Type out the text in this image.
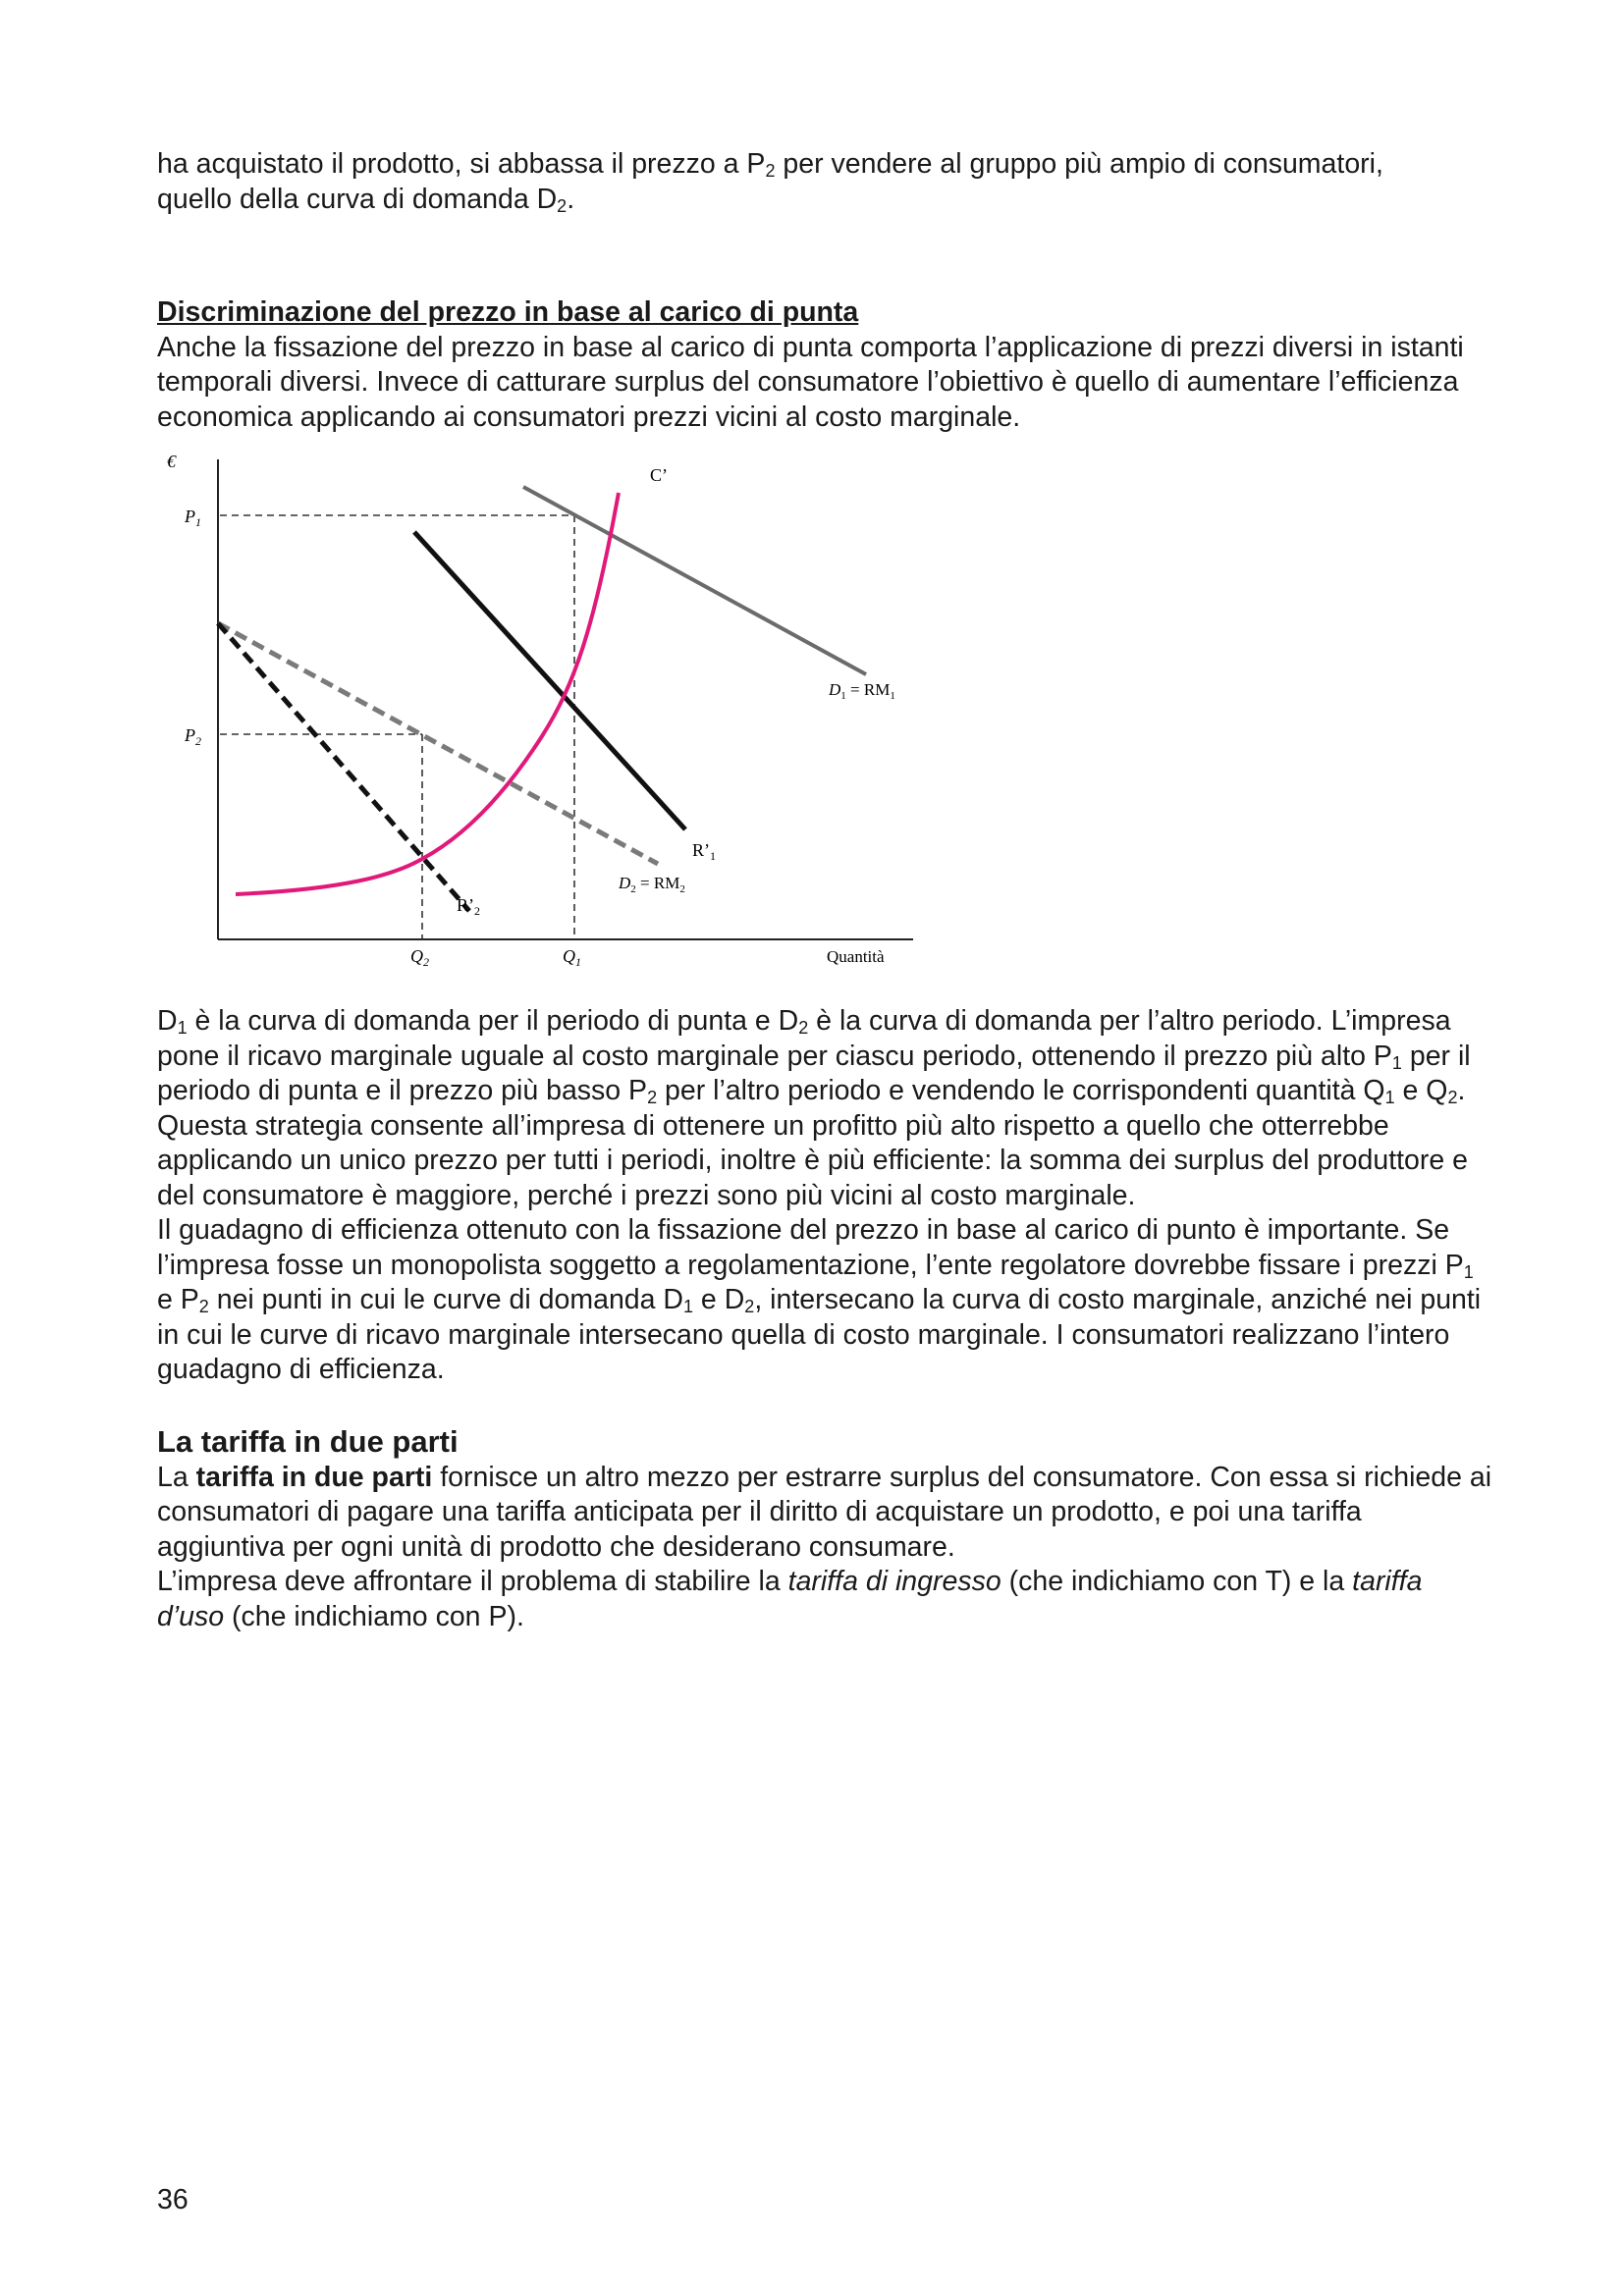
ha acquistato il prodotto, si abbassa il prezzo a $P_2$ per vendere al gruppo più ampio di consumatori,
quello della curva di domanda $D_2$.

Discriminazione del prezzo in base al carico di punta

Anche la fissazione del prezzo in base al carico di punta comporta l’applicazione di prezzi diversi in istanti temporali diversi. Invece di catturare surplus del consumatore l’obiettivo è quello di aumentare l’efficienza economica applicando ai consumatori prezzi vicini al costo marginale.

$D_1$ è la curva di domanda per il periodo di punta e $D_2$ è la curva di domanda per l’altro periodo. L’impresa pone il ricavo marginale uguale al costo marginale per ciascu periodo, ottenendo il prezzo più alto $P_1$ per il periodo di punta e il prezzo più basso $P_2$ per l’altro periodo e vendendo le corrispondenti quantità $Q_1$ e $Q_2$. Questa strategia consente all’impresa di ottenere un profitto più alto rispetto a quello che otterrebbe applicando un unico prezzo per tutti i periodi, inoltre è più efficiente: la somma dei surplus del produttore e del consumatore è maggiore, perché i prezzi sono più vicini al costo marginale.

Il guadagno di efficienza ottenuto con la fissazione del prezzo in base al carico di punto è importante. Se l’impresa fosse un monopolista soggetto a regolamentazione, l’ente regolatore dovrebbe fissare i prezzi $P_1$ e $P_2$ nei punti in cui le curve di domanda $D_1$ e $D_2$, intersecano la curva di costo marginale, anziché nei punti in cui le curve di ricavo marginale intersecano quella di costo marginale. I consumatori realizzano l’intero guadagno di efficienza.

La tariffa in due parti

La tariffa in due parti fornisce un altro mezzo per estrarre surplus del consumatore. Con essa si richiede ai consumatori di pagare una tariffa anticipata per il diritto di acquistare un prodotto, e poi una tariffa aggiuntiva per ogni unità di prodotto che desiderano consumare.

L’impresa deve affrontare il problema di stabilire la tariffa di ingresso (che indichiamo con T) e la tariffa d’uso (che indichiamo con P).

€
Quantità
$P_1$
$P_2$
$Q_2$	$Q_1$
C’
$D_1 = RM_1$
$R’_1$
$D_2 = RM_2$
$R’_2$
36
